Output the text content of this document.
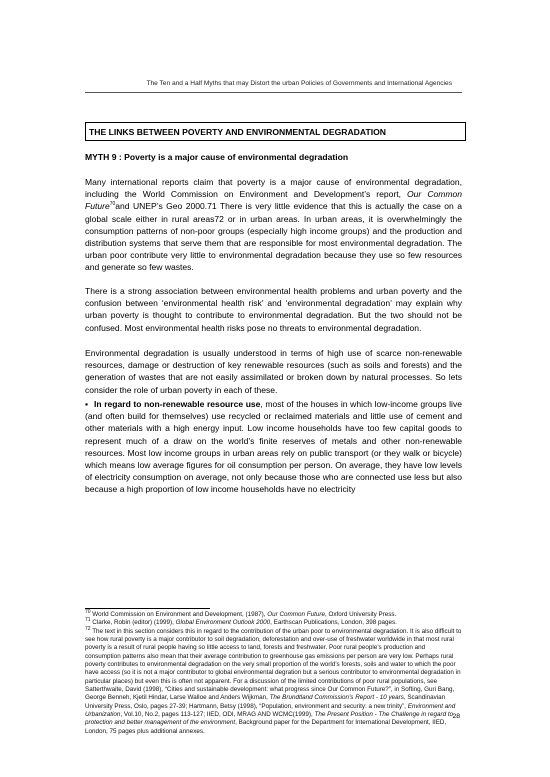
The Ten and a Half Myths that may Distort the urban Policies of Governments and International Agencies
THE LINKS BETWEEN POVERTY AND ENVIRONMENTAL DEGRADATION
MYTH 9 : Poverty is a major cause of environmental degradation

Many international reports claim that poverty is a major cause of environmental degradation, including the World Commission on Environment and Development’s report, Our Common Future$^{70}$and UNEP’s Geo 2000.71 There is very little evidence that this is actually the case on a global scale either in rural areas72 or in urban areas. In urban areas, it is overwhelmingly the consumption patterns of non-poor groups (especially high income groups) and the production and distribution systems that serve them that are responsible for most environmental degradation. The urban poor contribute very little to environmental degradation because they use so few resources and generate so few wastes.

There is a strong association between environmental health problems and urban poverty and the confusion between ‘environmental health risk’ and ‘environmental degradation’ may explain why urban poverty is thought to contribute to environmental degradation. But the two should not be confused. Most environmental health risks pose no threats to environmental degradation.

Environmental degradation is usually understood in terms of high use of scarce non-renewable resources, damage or destruction of key renewable resources (such as soils and forests) and the generation of wastes that are not easily assimilated or broken down by natural processes. So lets consider the role of urban poverty in each of these.

▪ In regard to non-renewable resource use, most of the houses in which low-income groups live (and often build for themselves) use recycled or reclaimed materials and little use of cement and other materials with a high energy input. Low income households have too few capital goods to represent much of a draw on the world’s finite reserves of metals and other non-renewable resources. Most low income groups in urban areas rely on public transport (or they walk or bicycle) which means low average figures for oil consumption per person. On average, they have low levels of electricity consumption on average, not only because those who are connected use less but also because a high proportion of low income households have no electricity

$^{70}$ World Commission on Environment and Development, (1987), Our Common Future, Oxford University Press.
$^{71}$ Clarke, Robin (editor) (1999), Global Environment Outlook 2000, Earthscan Publications, London, 398 pages.
$^{72}$ The text in this section considers this in regard to the contribution of the urban poor to environmental degradation. It is also difficult to see how rural poverty is a major contributor to soil degradation, deforestation and over-use of freshwater worldwide in that most rural poverty is a result of rural people having so little access to land, forests and freshwater. Poor rural people’s production and consumption patterns also mean that their average contribution to greenhouse gas emissions per person are very low. Perhaps rural poverty contributes to environmental degradation on the very small proportion of the world’s forests, soils and water to which the poor have access (so it is not a major contributor to global environmental degration but a serious contributor to environmental degradation in particular places) but even this is often not apparent. For a discussion of the limited contributions of poor rural populations, see Satterthwaite, David (1998), “Cities and sustainable development: what progress since Our Common Future?”, in Softing, Guri Bang, George Benneh, Kjetil Hindar, Larse Walloe and Anders Wijkman, The Brundtland Commission’s Report - 10 years, Scandinavian University Press, Oslo, pages 27-39; Hartmann, Betsy (1998), “Population, environment and security: a new trinity”, Environment and Urbanization, Vol.10, No.2, pages 113-127; IIED, ODI, MRAG AND WCMC(1999), The Present Position - The Challenge in regard to protection and better management of the environment, Background paper for the Department for International Development, IIED, London, 75 pages plus additional annexes.
28
